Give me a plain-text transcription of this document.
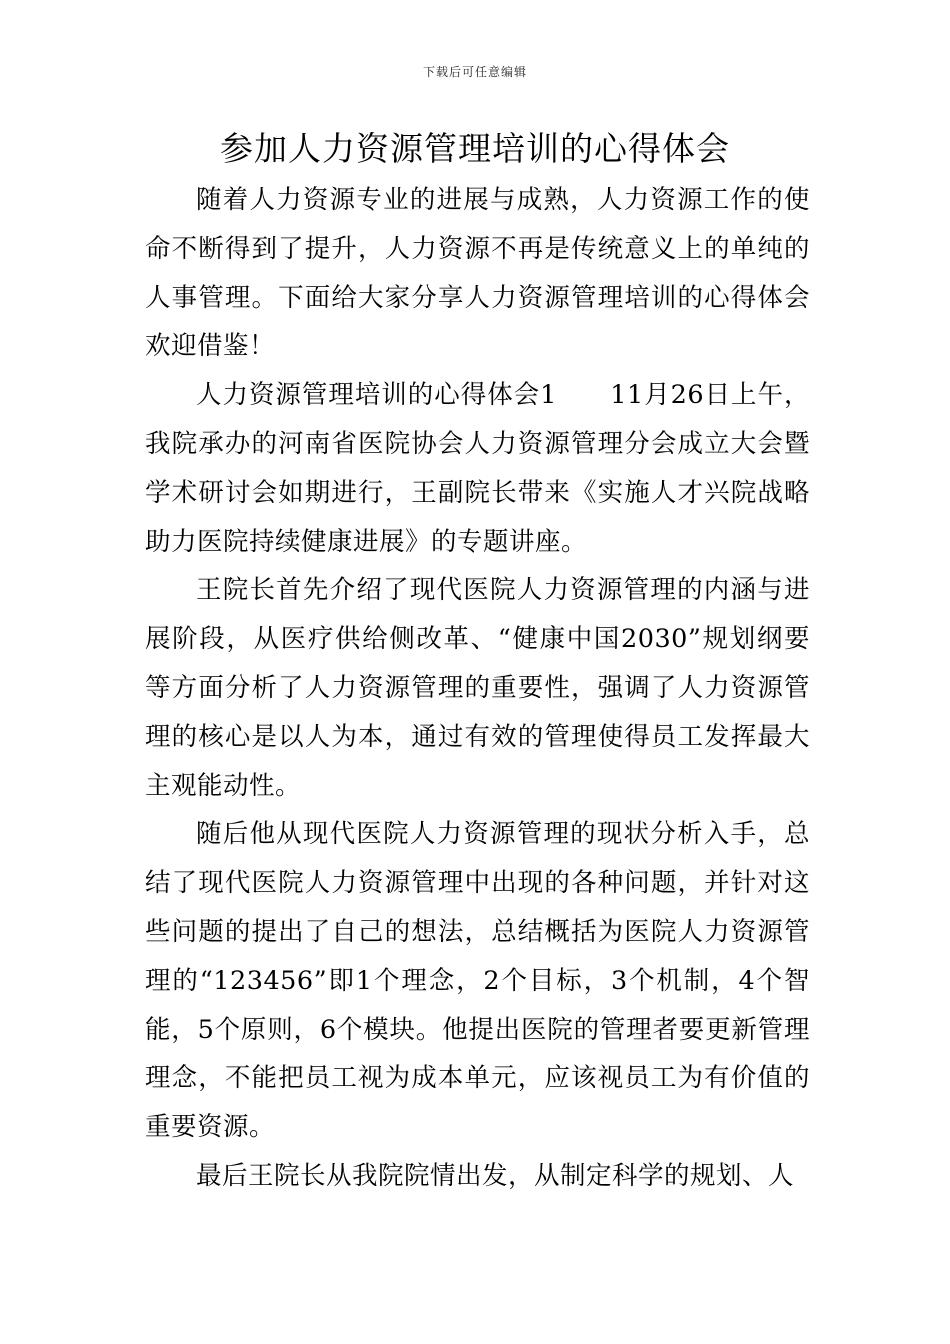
下载后可任意编辑
参加人力资源管理培训的心得体会

随着人力资源专业的进展与成熟，人力资源工作的使命不断得到了提升，人力资源不再是传统意义上的单纯的人事管理。下面给大家分享人力资源管理培训的心得体会欢迎借鉴！

人力资源管理培训的心得体会1　　11月26日上午，我院承办的河南省医院协会人力资源管理分会成立大会暨学术研讨会如期进行，王副院长带来《实施人才兴院战略助力医院持续健康进展》的专题讲座。

王院长首先介绍了现代医院人力资源管理的内涵与进展阶段，从医疗供给侧改革、“健康中国2030”规划纲要等方面分析了人力资源管理的重要性，强调了人力资源管理的核心是以人为本，通过有效的管理使得员工发挥最大主观能动性。

随后他从现代医院人力资源管理的现状分析入手，总结了现代医院人力资源管理中出现的各种问题，并针对这些问题的提出了自己的想法，总结概括为医院人力资源管理的“123456”即1个理念，2个目标，3个机制，4个智能，5个原则，6个模块。他提出医院的管理者要更新管理理念，不能把员工视为成本单元，应该视员工为有价值的重要资源。

最后王院长从我院院情出发，从制定科学的规划、人
